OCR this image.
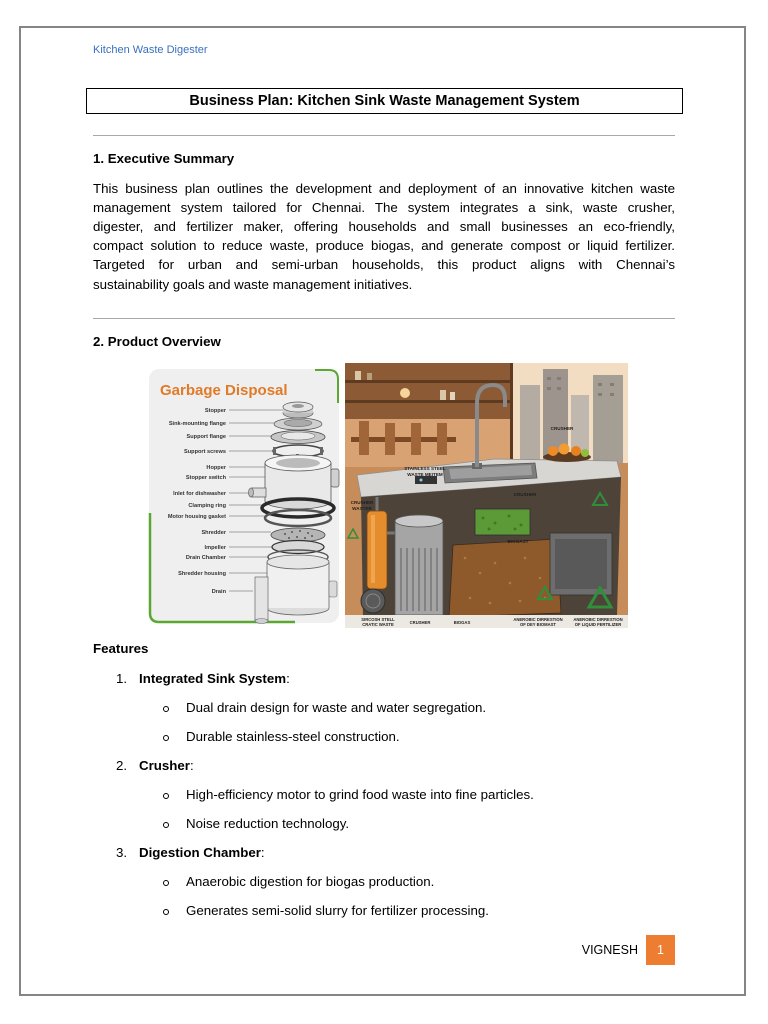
Kitchen Waste Digester
Business Plan: Kitchen Sink Waste Management System
1. Executive Summary
This business plan outlines the development and deployment of an innovative kitchen waste
management system tailored for Chennai. The system integrates a sink, waste crusher,
digester, and fertilizer maker, offering households and small businesses an eco-friendly,
compact solution to reduce waste, produce biogas, and generate compost or liquid fertilizer.
Targeted for urban and semi-urban households, this product aligns with Chennai’s
sustainability goals and waste management initiatives.
2. Product Overview
Garbage Disposal
Stopper
Sink-mounting flange
Support flange
Support screws
Hopper
Stopper switch
Inlet for dishwasher
Clamping ring
Motor housing gasket
Shredder
Impeller
Drain Chamber
Shredder housing
Drain
CRUSHER
STAINLESS STEEL
WASTE MEITEM
CRUSHER
CRUSHER
WASTER
BIOGAST
SIRCOSH STELL
CRATIC WASTE	CRUSHER	BIOGAS
ANEROBIC DIRRESTION
OF DEY BIOMAST
ANEROBIC DIRRESTION
OF LIQUID FERTILIZER
Features
1. Integrated Sink System:
Dual drain design for waste and water segregation.
Durable stainless-steel construction.
2. Crusher:
High-efficiency motor to grind food waste into fine particles.
Noise reduction technology.
3. Digestion Chamber:
Anaerobic digestion for biogas production.
Generates semi-solid slurry for fertilizer processing.
VIGNESH 1
